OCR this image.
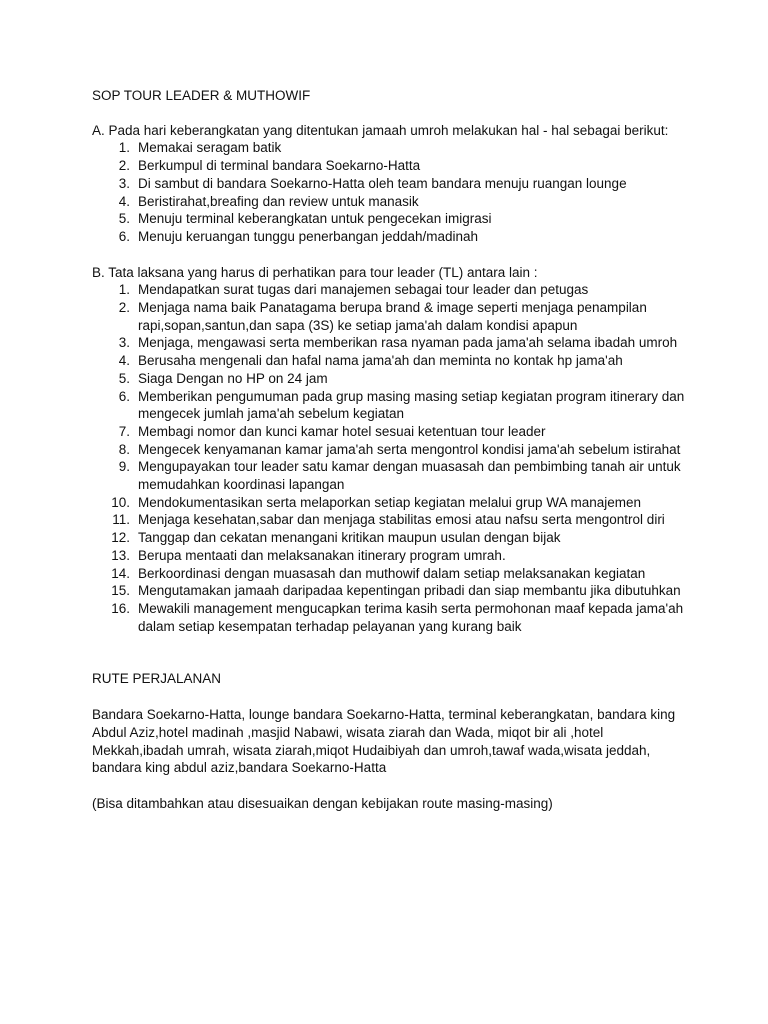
SOP TOUR LEADER & MUTHOWIF

A. Pada hari keberangkatan yang ditentukan jamaah umroh melakukan hal - hal sebagai berikut:

1. Memakai seragam batik
2. Berkumpul di terminal bandara Soekarno-Hatta
3. Di sambut di bandara Soekarno-Hatta oleh team bandara menuju ruangan lounge
4. Beristirahat,breafing dan review untuk manasik
5. Menuju terminal keberangkatan untuk pengecekan imigrasi
6. Menuju keruangan tunggu penerbangan jeddah/madinah

B. Tata laksana yang harus di perhatikan para tour leader (TL) antara lain :

1. Mendapatkan surat tugas dari manajemen sebagai tour leader dan petugas
2. Menjaga nama baik Panatagama berupa brand & image seperti menjaga penampilan rapi,sopan,santun,dan sapa (3S) ke setiap jama'ah dalam kondisi apapun
3. Menjaga, mengawasi serta memberikan rasa nyaman pada jama'ah selama ibadah umroh
4. Berusaha mengenali dan hafal nama jama'ah dan meminta no kontak hp jama'ah
5. Siaga Dengan no HP on 24 jam
6. Memberikan pengumuman pada grup masing masing setiap kegiatan program itinerary dan mengecek jumlah jama'ah sebelum kegiatan
7. Membagi nomor dan kunci kamar hotel sesuai ketentuan tour leader
8. Mengecek kenyamanan kamar jama'ah serta mengontrol kondisi jama'ah sebelum istirahat
9. Mengupayakan tour leader satu kamar dengan muasasah dan pembimbing tanah air untuk memudahkan koordinasi lapangan
10. Mendokumentasikan serta melaporkan setiap kegiatan melalui grup WA manajemen
11. Menjaga kesehatan,sabar dan menjaga stabilitas emosi atau nafsu serta mengontrol diri
12. Tanggap dan cekatan menangani kritikan maupun usulan dengan bijak
13. Berupa mentaati dan melaksanakan itinerary program umrah.
14. Berkoordinasi dengan muasasah dan muthowif dalam setiap melaksanakan kegiatan
15. Mengutamakan jamaah daripadaa kepentingan pribadi dan siap membantu jika dibutuhkan
16. Mewakili management mengucapkan terima kasih serta permohonan maaf kepada jama'ah dalam setiap kesempatan terhadap pelayanan yang kurang baik

RUTE PERJALANAN

Bandara Soekarno-Hatta, lounge bandara Soekarno-Hatta, terminal keberangkatan, bandara king Abdul Aziz,hotel madinah ,masjid Nabawi, wisata ziarah dan Wada, miqot bir ali ,hotel Mekkah,ibadah umrah, wisata ziarah,miqot Hudaibiyah dan umroh,tawaf wada,wisata jeddah, bandara king abdul aziz,bandara Soekarno-Hatta

(Bisa ditambahkan atau disesuaikan dengan kebijakan route masing-masing)
